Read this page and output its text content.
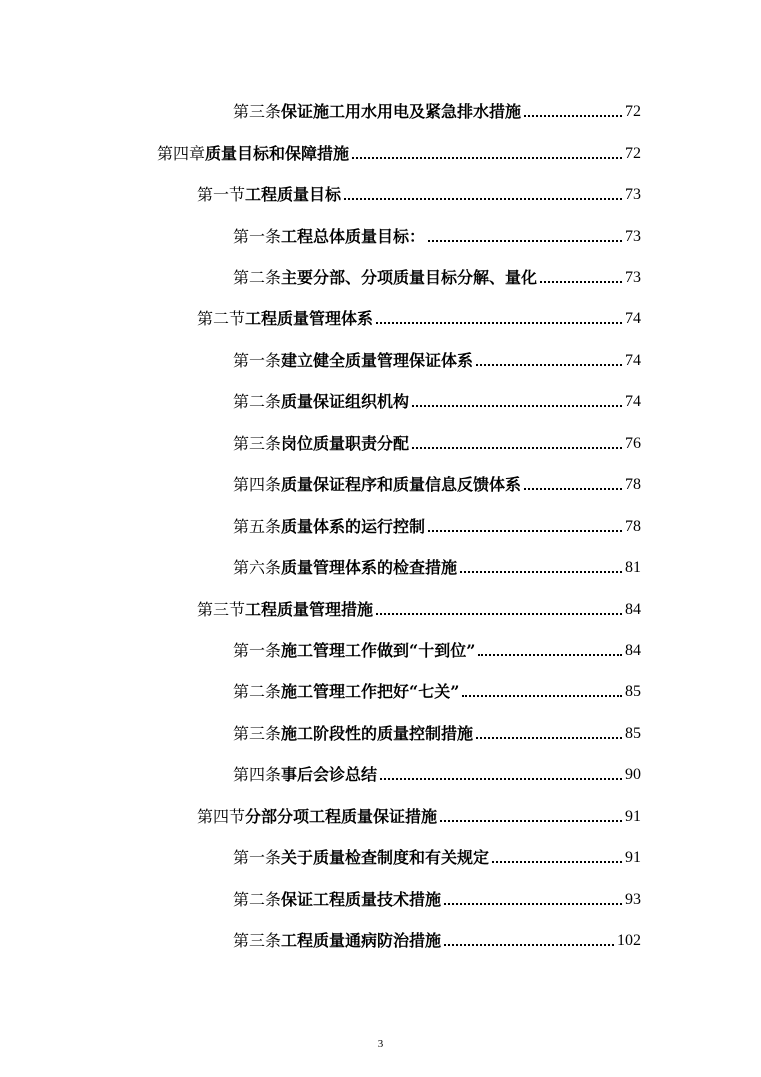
第三条 保证施工用水用电及紧急排水措施	72
第四章 质量目标和保障措施	72
第一节 工程质量目标	73
第一条 工程总体质量目标：	73
第二条 主要分部、分项质量目标分解、量化	73
第二节 工程质量管理体系	74
第一条 建立健全质量管理保证体系	74
第二条 质量保证组织机构	74
第三条 岗位质量职责分配	76
第四条 质量保证程序和质量信息反馈体系	78
第五条 质量体系的运行控制	78
第六条 质量管理体系的检查措施	81
第三节 工程质量管理措施	84
第一条 施工管理工作做到“十到位”	84
第二条 施工管理工作把好“七关”	85
第三条 施工阶段性的质量控制措施	85
第四条 事后会诊总结	90
第四节 分部分项工程质量保证措施	91
第一条 关于质量检查制度和有关规定	91
第二条 保证工程质量技术措施	93
第三条 工程质量通病防治措施	102
3
